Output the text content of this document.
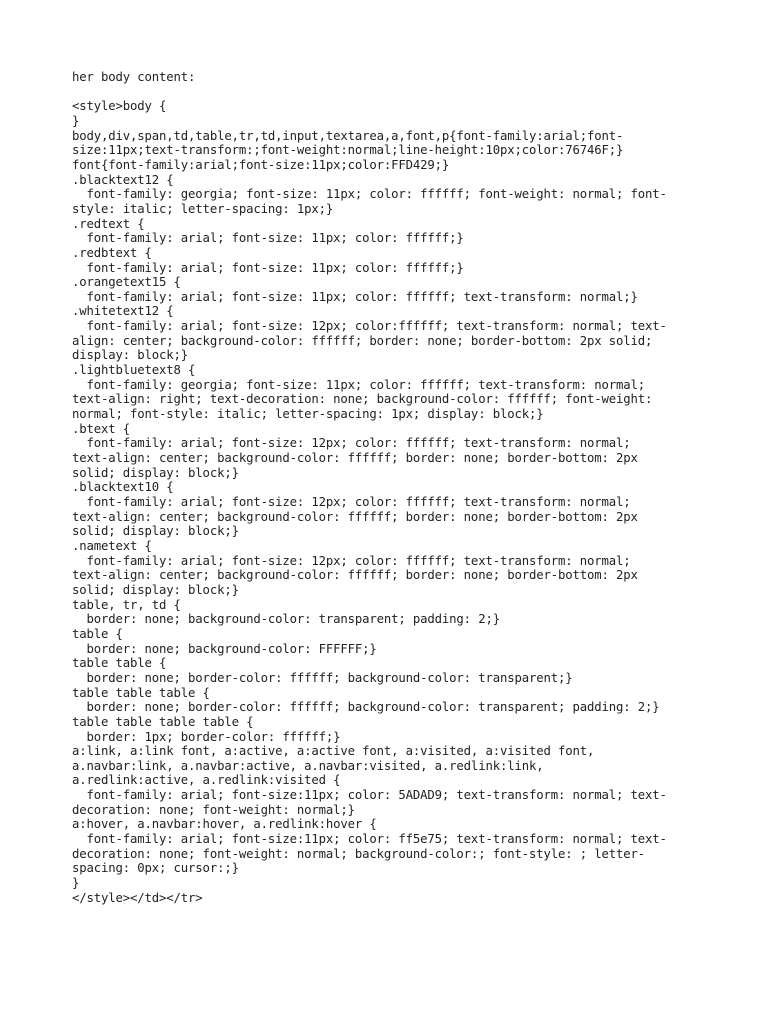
her body content:
<style>body {
}
body,div,span,td,table,tr,td,input,textarea,a,font,p{font-family:arial;font-
size:11px;text-transform:;font-weight:normal;line-height:10px;color:76746F;}
font{font-family:arial;font-size:11px;color:FFD429;}
.blacktext12 {
font-family: georgia; font-size: 11px; color: ffffff; font-weight: normal; font-
style: italic; letter-spacing: 1px;}
.redtext {
font-family: arial; font-size: 11px; color: ffffff;}
.redbtext {
font-family: arial; font-size: 11px; color: ffffff;}
.orangetext15 {
font-family: arial; font-size: 11px; color: ffffff; text-transform: normal;}
.whitetext12 {
font-family: arial; font-size: 12px; color:ffffff; text-transform: normal; text-
align: center; background-color: ffffff; border: none; border-bottom: 2px solid;
display: block;}
.lightbluetext8 {
font-family: georgia; font-size: 11px; color: ffffff; text-transform: normal;
text-align: right; text-decoration: none; background-color: ffffff; font-weight:
normal; font-style: italic; letter-spacing: 1px; display: block;}
.btext {
font-family: arial; font-size: 12px; color: ffffff; text-transform: normal;
text-align: center; background-color: ffffff; border: none; border-bottom: 2px
solid; display: block;}
.blacktext10 {
font-family: arial; font-size: 12px; color: ffffff; text-transform: normal;
text-align: center; background-color: ffffff; border: none; border-bottom: 2px
solid; display: block;}
.nametext {
font-family: arial; font-size: 12px; color: ffffff; text-transform: normal;
text-align: center; background-color: ffffff; border: none; border-bottom: 2px
solid; display: block;}
table, tr, td {
border: none; background-color: transparent; padding: 2;}
table {
border: none; background-color: FFFFFF;}
table table {
border: none; border-color: ffffff; background-color: transparent;}
table table table {
border: none; border-color: ffffff; background-color: transparent; padding: 2;}
table table table table {
border: 1px; border-color: ffffff;}
a:link, a:link font, a:active, a:active font, a:visited, a:visited font,
a.navbar:link, a.navbar:active, a.navbar:visited, a.redlink:link,
a.redlink:active, a.redlink:visited {
font-family: arial; font-size:11px; color: 5ADAD9; text-transform: normal; text-
decoration: none; font-weight: normal;}
a:hover, a.navbar:hover, a.redlink:hover {
font-family: arial; font-size:11px; color: ff5e75; text-transform: normal; text-
decoration: none; font-weight: normal; background-color:; font-style: ; letter-
spacing: 0px; cursor:;}
}
</style></td></tr>
